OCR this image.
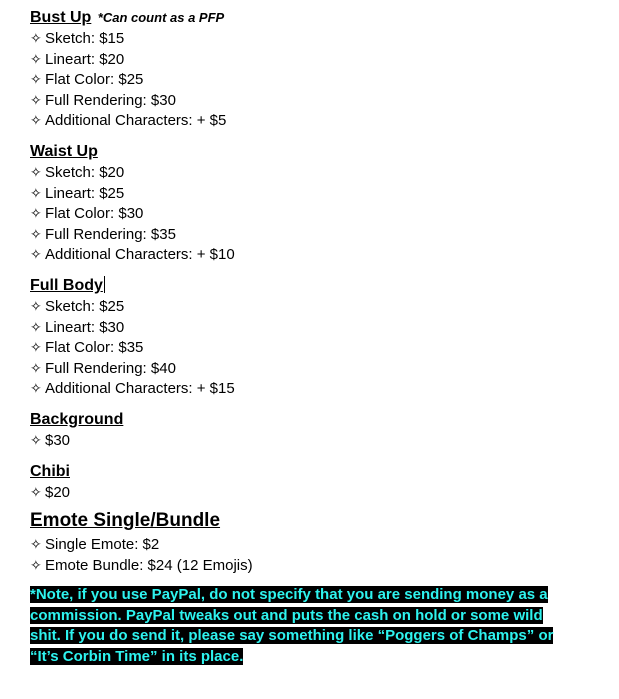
Bust Up *Can count as a PFP
✧ Sketch: $15
✧ Lineart: $20
✧ Flat Color: $25
✧ Full Rendering: $30
✧ Additional Characters: + $5
Waist Up
✧ Sketch: $20
✧ Lineart: $25
✧ Flat Color: $30
✧ Full Rendering: $35
✧ Additional Characters: + $10
Full Body
✧ Sketch: $25
✧ Lineart: $30
✧ Flat Color: $35
✧ Full Rendering: $40
✧ Additional Characters: + $15
Background
✧ $30
Chibi
✧ $20
Emote Single/Bundle
✧ Single Emote: $2
✧ Emote Bundle: $24 (12 Emojis)
*Note, if you use PayPal, do not specify that you are sending money as a
commission. PayPal tweaks out and puts the cash on hold or some wild
shit. If you do send it, please say something like “Poggers of Champs” or
“It’s Corbin Time” in its place.
